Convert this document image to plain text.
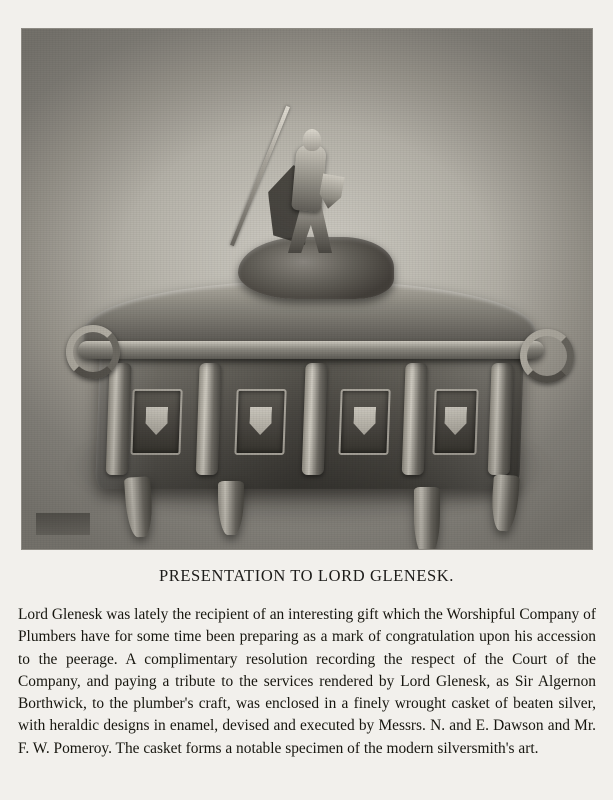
PRESENTATION TO LORD GLENESK.

Lord Glenesk was lately the recipient of an interesting gift which the Worshipful Company of Plumbers have for some time been preparing as a mark of congratulation upon his accession to the peerage. A complimentary resolution recording the respect of the Court of the Company, and paying a tribute to the services rendered by Lord Glenesk, as Sir Algernon Borthwick, to the plumber's craft, was enclosed in a finely wrought casket of beaten silver, with heraldic designs in enamel, devised and executed by Messrs. N. and E. Dawson and Mr. F. W. Pomeroy. The casket forms a notable specimen of the modern silversmith's art.
